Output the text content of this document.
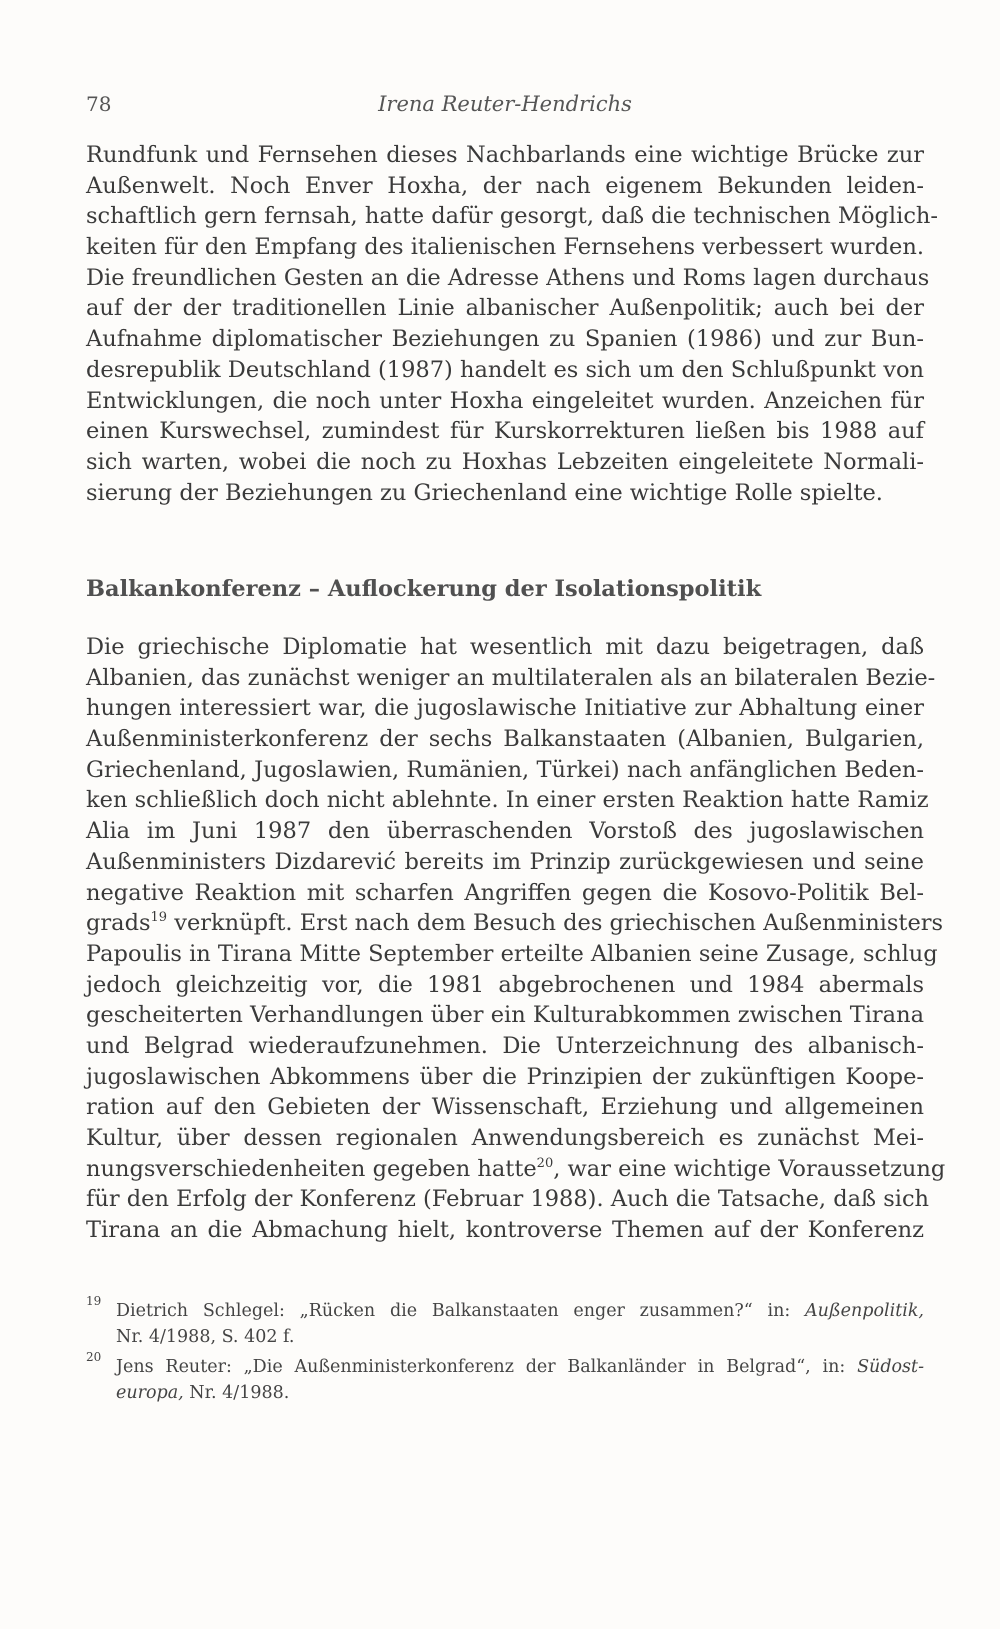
78	Irena Reuter-Hendrichs
Rundfunk und Fernsehen dieses Nachbarlands eine wichtige Brücke zur
Außenwelt. Noch Enver Hoxha, der nach eigenem Bekunden leiden-
schaftlich gern fernsah, hatte dafür gesorgt, daß die technischen Möglich-
keiten für den Empfang des italienischen Fernsehens verbessert wurden.
Die freundlichen Gesten an die Adresse Athens und Roms lagen durchaus
auf der der traditionellen Linie albanischer Außenpolitik; auch bei der
Aufnahme diplomatischer Beziehungen zu Spanien (1986) und zur Bun-
desrepublik Deutschland (1987) handelt es sich um den Schlußpunkt von
Entwicklungen, die noch unter Hoxha eingeleitet wurden. Anzeichen für
einen Kurswechsel, zumindest für Kurskorrekturen ließen bis 1988 auf
sich warten, wobei die noch zu Hoxhas Lebzeiten eingeleitete Normali-
sierung der Beziehungen zu Griechenland eine wichtige Rolle spielte.
Balkankonferenz – Auflockerung der Isolationspolitik
Die griechische Diplomatie hat wesentlich mit dazu beigetragen, daß
Albanien, das zunächst weniger an multilateralen als an bilateralen Bezie-
hungen interessiert war, die jugoslawische Initiative zur Abhaltung einer
Außenministerkonferenz der sechs Balkanstaaten (Albanien, Bulgarien,
Griechenland, Jugoslawien, Rumänien, Türkei) nach anfänglichen Beden-
ken schließlich doch nicht ablehnte. In einer ersten Reaktion hatte Ramiz
Alia im Juni 1987 den überraschenden Vorstoß des jugoslawischen
Außenministers Dizdarević bereits im Prinzip zurückgewiesen und seine
negative Reaktion mit scharfen Angriffen gegen die Kosovo-Politik Bel-
grads$^{19}$ verknüpft. Erst nach dem Besuch des griechischen Außenministers
Papoulis in Tirana Mitte September erteilte Albanien seine Zusage, schlug
jedoch gleichzeitig vor, die 1981 abgebrochenen und 1984 abermals
gescheiterten Verhandlungen über ein Kulturabkommen zwischen Tirana
und Belgrad wiederaufzunehmen. Die Unterzeichnung des albanisch-
jugoslawischen Abkommens über die Prinzipien der zukünftigen Koope-
ration auf den Gebieten der Wissenschaft, Erziehung und allgemeinen
Kultur, über dessen regionalen Anwendungsbereich es zunächst Mei-
nungsverschiedenheiten gegeben hatte$^{20}$, war eine wichtige Voraussetzung
für den Erfolg der Konferenz (Februar 1988). Auch die Tatsache, daß sich
Tirana an die Abmachung hielt, kontroverse Themen auf der Konferenz
19 Dietrich Schlegel: „Rücken die Balkanstaaten enger zusammen?“ in: Außenpolitik,
Nr. 4/1988, S. 402 f.
20 Jens Reuter: „Die Außenministerkonferenz der Balkanländer in Belgrad“, in: Südost-
europa, Nr. 4/1988.
